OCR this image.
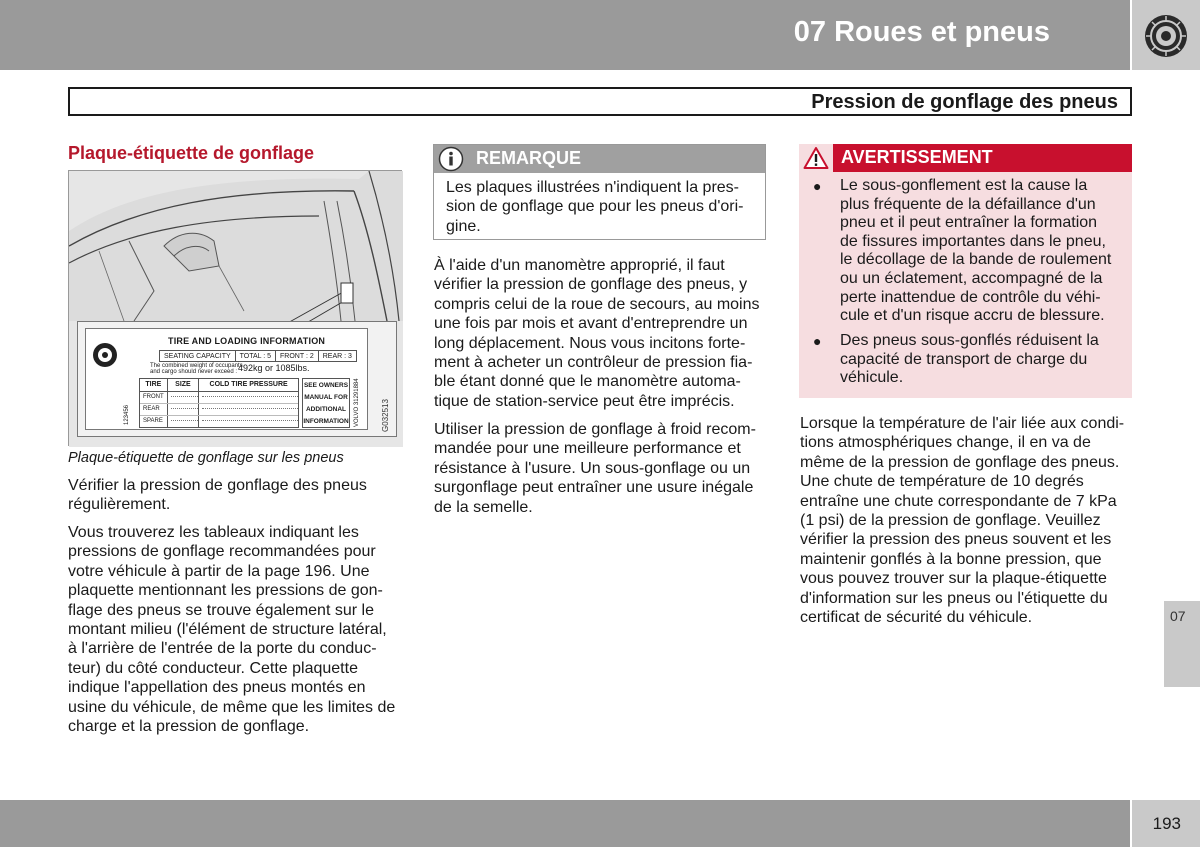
07 Roues et pneus
Pression de gonflage des pneus
Plaque-étiquette de gonflage
TIRE AND LOADING INFORMATION
SEATING CAPACITY	TOTAL : 5	FRONT : 2	REAR : 3
The combined weight of occupants
and cargo should never exceed : 492kg or 1085lbs.
TIRE	SIZE	COLD TIRE PRESSURE
FRONT
REAR
SPARE
SEE OWNERS
MANUAL FOR
ADDITIONAL
INFORMATION
123456	VOLVO 31291884	G032513
Plaque-étiquette de gonflage sur les pneus
Vérifier la pression de gonflage des pneus
régulièrement.
Vous trouverez les tableaux indiquant les
pressions de gonflage recommandées pour
votre véhicule à partir de la page 196. Une
plaquette mentionnant les pressions de gon-
flage des pneus se trouve également sur le
montant milieu (l'élément de structure latéral,
à l'arrière de l'entrée de la porte du conduc-
teur) du côté conducteur. Cette plaquette
indique l'appellation des pneus montés en
usine du véhicule, de même que les limites de
charge et la pression de gonflage.
REMARQUE
Les plaques illustrées n'indiquent la pres-
sion de gonflage que pour les pneus d'ori-
gine.
À l'aide d'un manomètre approprié, il faut
vérifier la pression de gonflage des pneus, y
compris celui de la roue de secours, au moins
une fois par mois et avant d'entreprendre un
long déplacement. Nous vous incitons forte-
ment à acheter un contrôleur de pression fia-
ble étant donné que le manomètre automa-
tique de station-service peut être imprécis.
Utiliser la pression de gonflage à froid recom-
mandée pour une meilleure performance et
résistance à l'usure. Un sous-gonflage ou un
surgonflage peut entraîner une usure inégale
de la semelle.
AVERTISSEMENT
● Le sous-gonflement est la cause la
plus fréquente de la défaillance d'un
pneu et il peut entraîner la formation
de fissures importantes dans le pneu,
le décollage de la bande de roulement
ou un éclatement, accompagné de la
perte inattendue de contrôle du véhi-
cule et d'un risque accru de blessure.
● Des pneus sous-gonflés réduisent la
capacité de transport de charge du
véhicule.
Lorsque la température de l'air liée aux condi-
tions atmosphériques change, il en va de
même de la pression de gonflage des pneus.
Une chute de température de 10 degrés
entraîne une chute correspondante de 7 kPa
(1 psi) de la pression de gonflage. Veuillez
vérifier la pression des pneus souvent et les
maintenir gonflés à la bonne pression, que
vous pouvez trouver sur la plaque-étiquette
d'information sur les pneus ou l'étiquette du
certificat de sécurité du véhicule.	07
193
